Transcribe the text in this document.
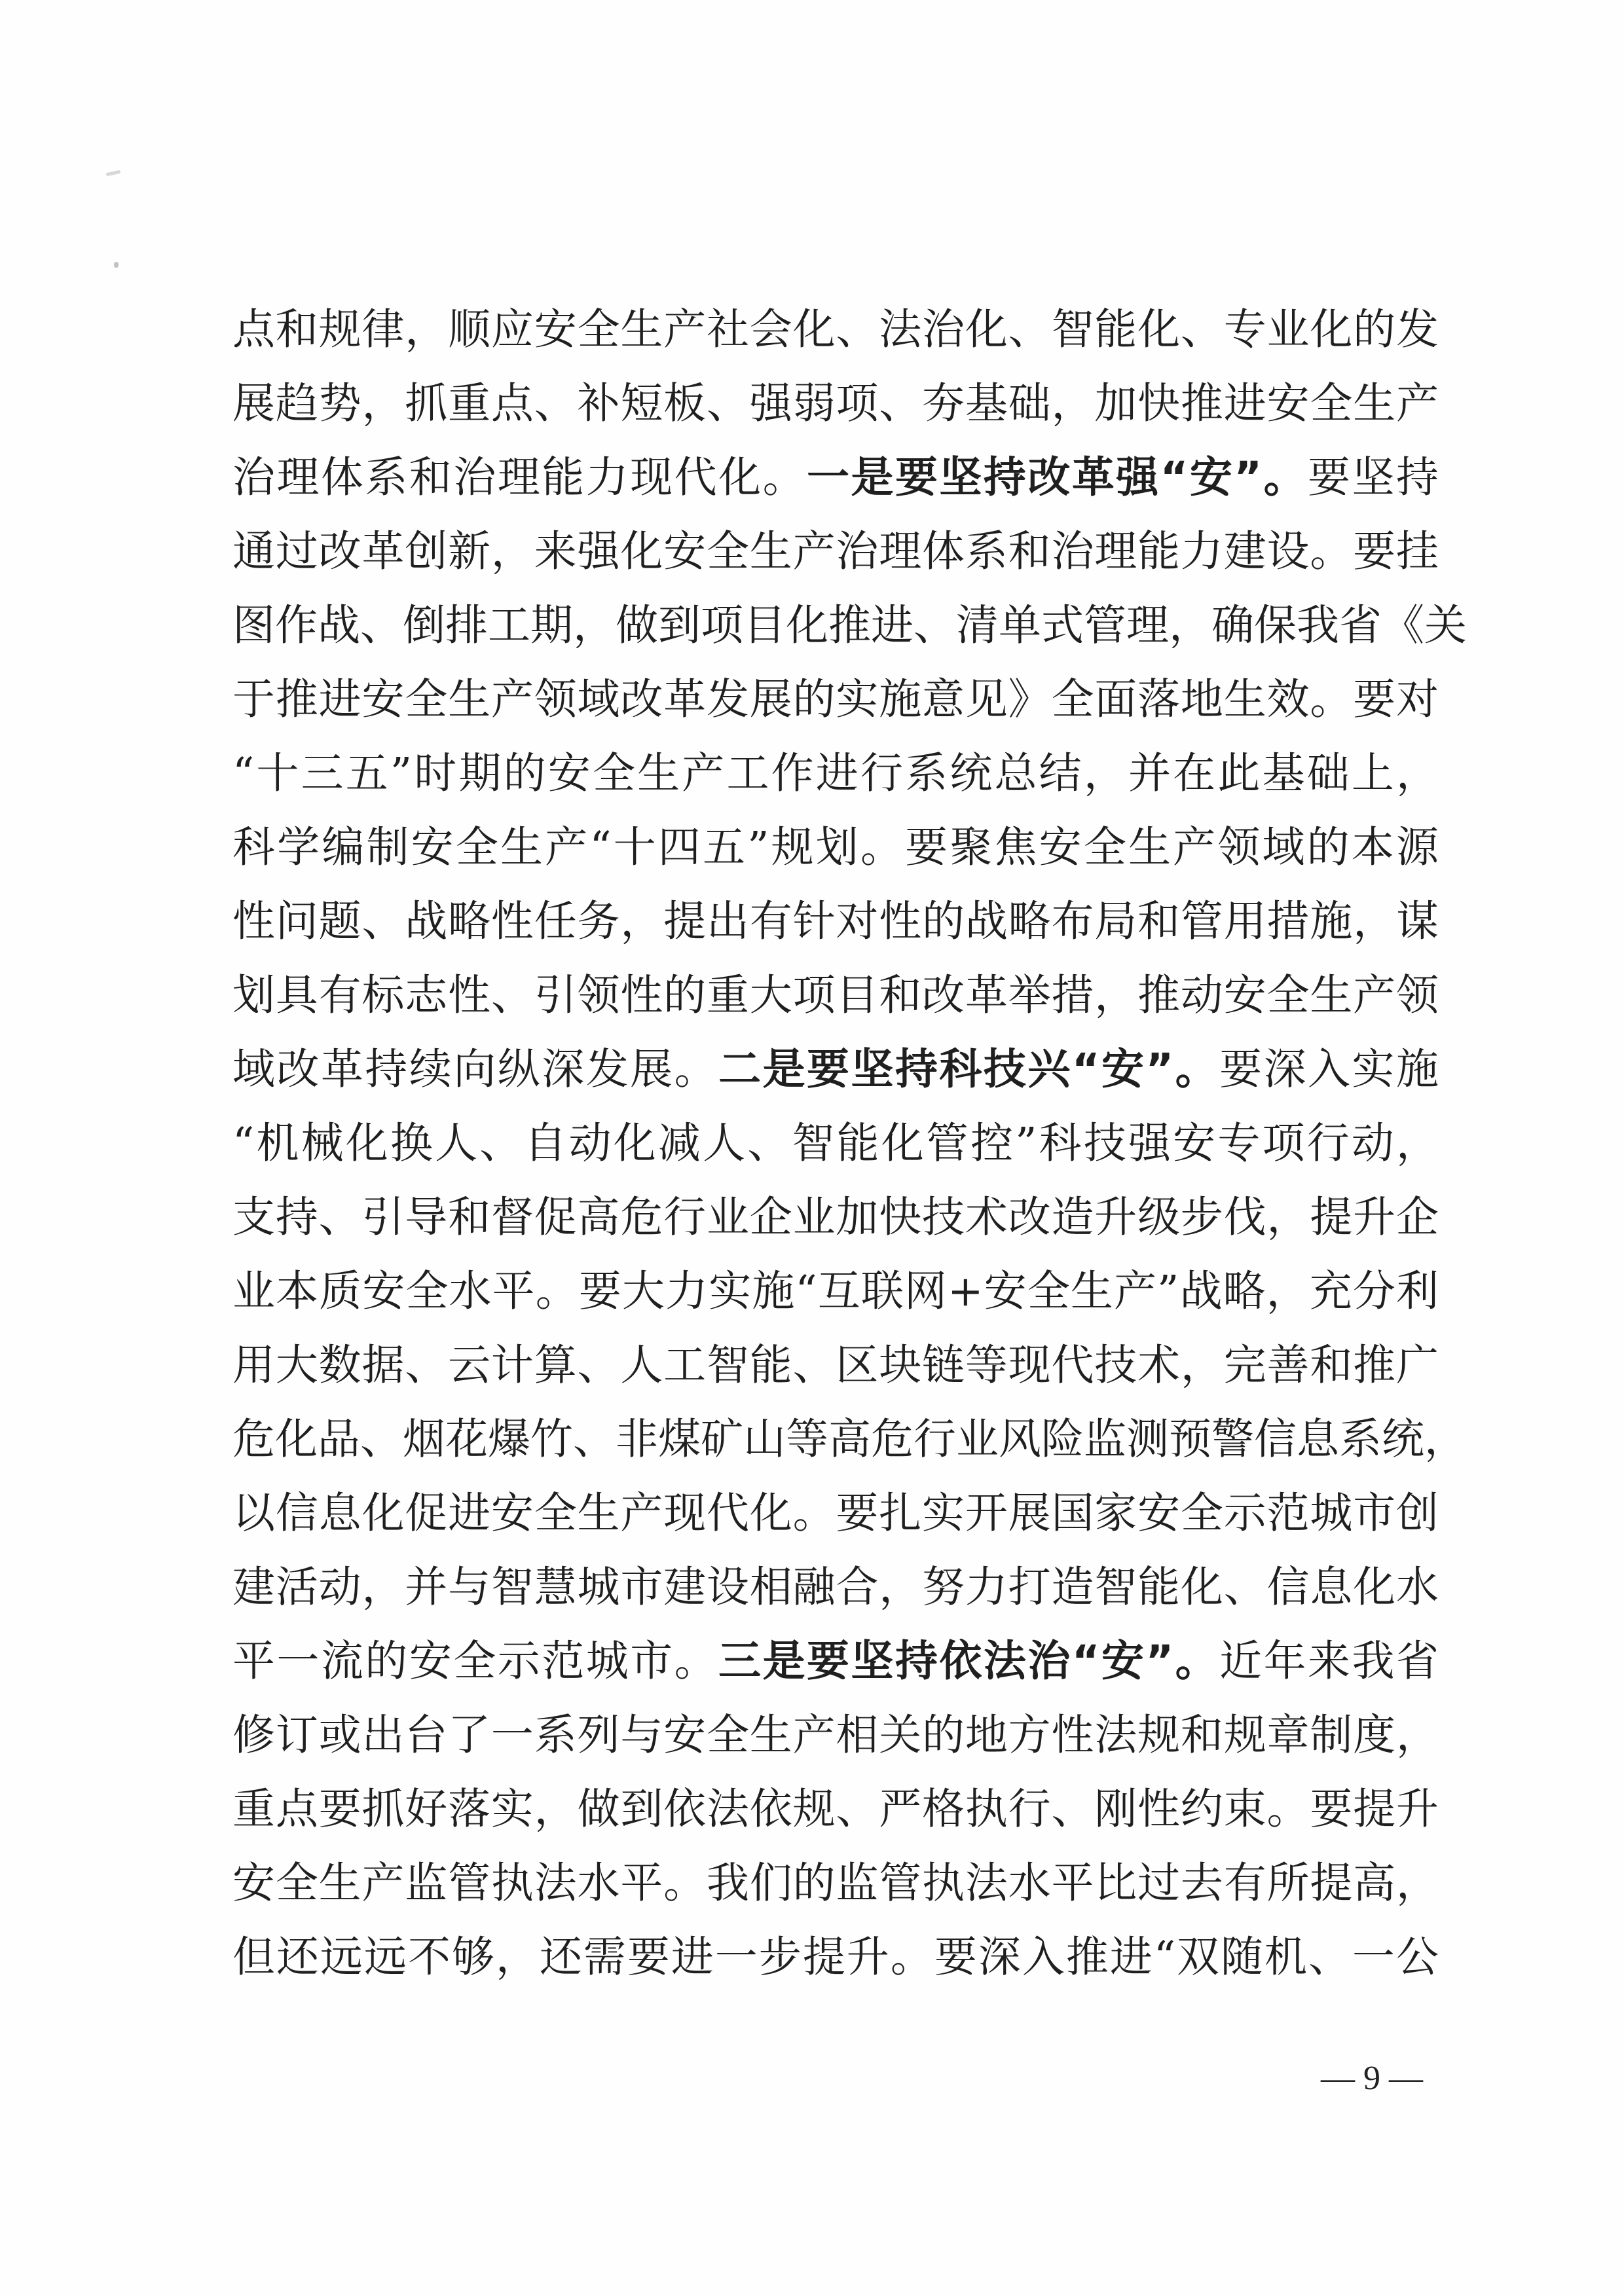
点和规律，顺应安全生产社会化、法治化、智能化、专业化的发
展趋势，抓重点、补短板、强弱项、夯基础，加快推进安全生产
治理体系和治理能力现代化。一是要坚持改革强“安”。要坚持
通过改革创新，来强化安全生产治理体系和治理能力建设。要挂
图作战、倒排工期，做到项目化推进、清单式管理，确保我省《关
于推进安全生产领域改革发展的实施意见》全面落地生效。要对
“十三五”时期的安全生产工作进行系统总结，并在此基础上，
科学编制安全生产“十四五”规划。要聚焦安全生产领域的本源
性问题、战略性任务，提出有针对性的战略布局和管用措施，谋
划具有标志性、引领性的重大项目和改革举措，推动安全生产领
域改革持续向纵深发展。二是要坚持科技兴“安”。要深入实施
“机械化换人、自动化减人、智能化管控”科技强安专项行动，
支持、引导和督促高危行业企业加快技术改造升级步伐，提升企
业本质安全水平。要大力实施“互联网+安全生产”战略，充分利
用大数据、云计算、人工智能、区块链等现代技术，完善和推广
危化品、烟花爆竹、非煤矿山等高危行业风险监测预警信息系统，
以信息化促进安全生产现代化。要扎实开展国家安全示范城市创
建活动，并与智慧城市建设相融合，努力打造智能化、信息化水
平一流的安全示范城市。三是要坚持依法治“安”。近年来我省
修订或出台了一系列与安全生产相关的地方性法规和规章制度，
重点要抓好落实，做到依法依规、严格执行、刚性约束。要提升
安全生产监管执法水平。我们的监管执法水平比过去有所提高，
但还远远不够，还需要进一步提升。要深入推进“双随机、一公
— 9 —
